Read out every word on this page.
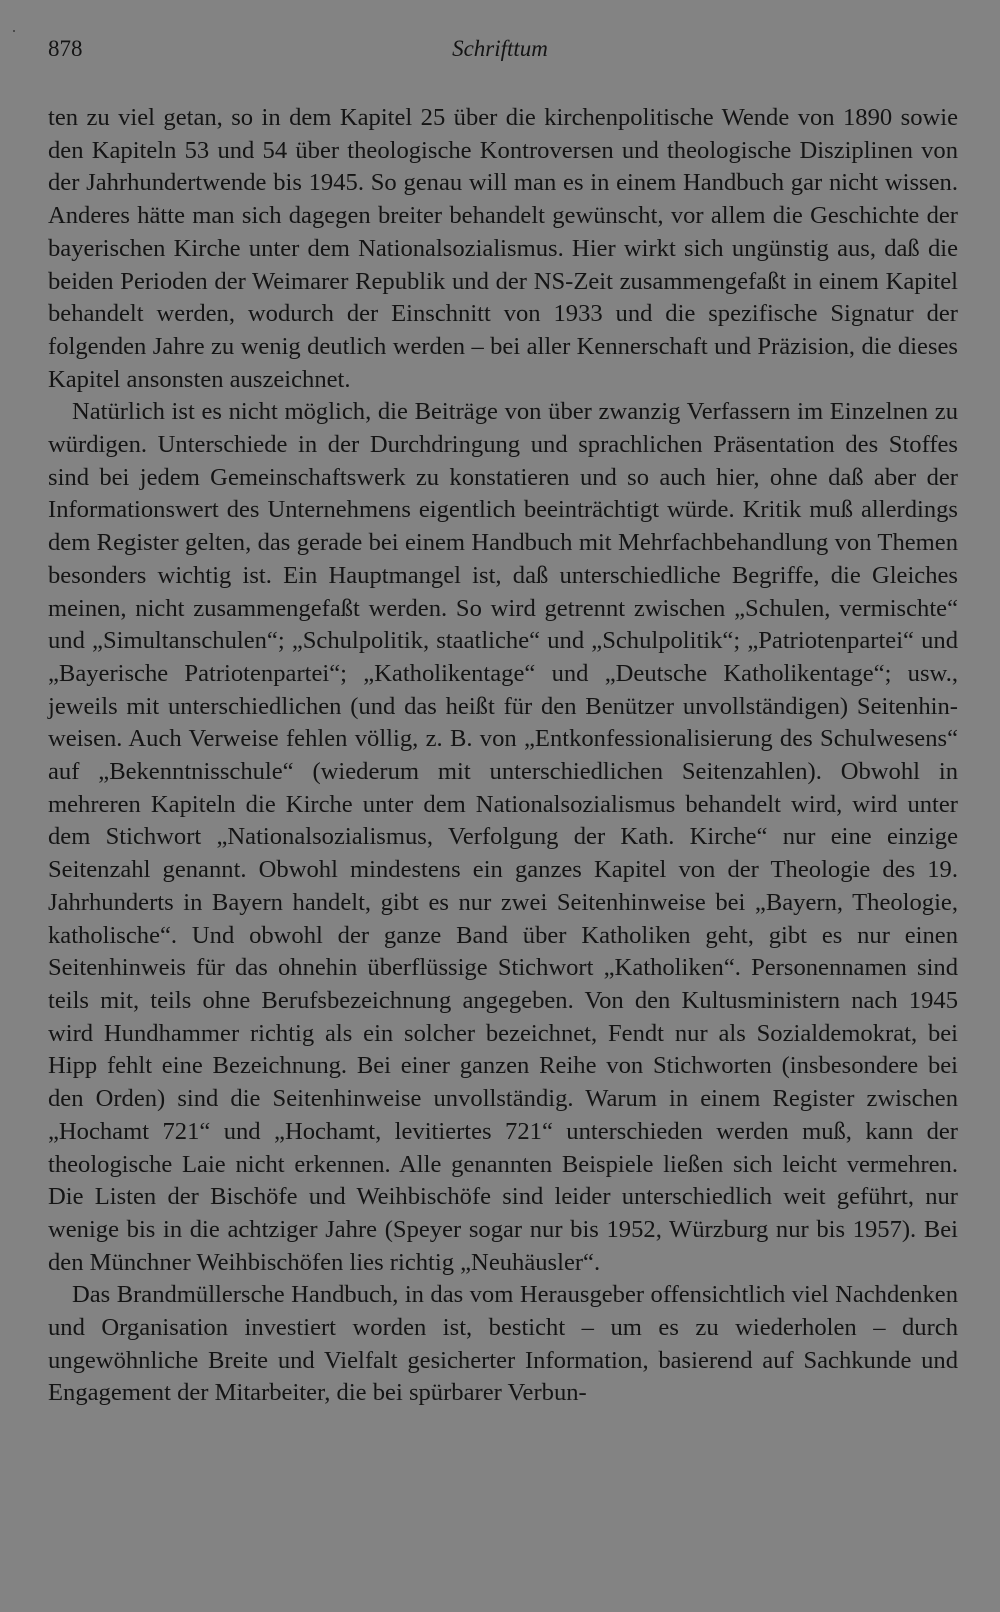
878	Schrifttum

ten zu viel getan, so in dem Kapitel 25 über die kirchenpolitische Wende von 1890 sowie den Kapiteln 53 und 54 über theologische Kontroversen und theologische Disziplinen von der Jahrhundertwende bis 1945. So genau will man es in einem Handbuch gar nicht wissen. Anderes hätte man sich dagegen breiter behandelt gewünscht, vor allem die Geschichte der bayerischen Kirche unter dem Nationalsozialismus. Hier wirkt sich ungünstig aus, daß die beiden Perioden der Weimarer Republik und der NS-Zeit zusammengefaßt in einem Kapitel behandelt werden, wodurch der Einschnitt von 1933 und die spezifische Signatur der folgenden Jahre zu wenig deutlich werden – bei aller Kennerschaft und Präzision, die dieses Kapitel ansonsten auszeichnet.

Natürlich ist es nicht möglich, die Beiträge von über zwanzig Verfassern im Einzelnen zu würdigen. Unterschiede in der Durchdringung und sprachlichen Präsentation des Stoffes sind bei jedem Gemeinschaftswerk zu konstatieren und so auch hier, ohne daß aber der Informationswert des Unternehmens eigentlich beeinträchtigt würde. Kritik muß allerdings dem Register gelten, das gerade bei einem Handbuch mit Mehrfachbehandlung von Themen besonders wichtig ist. Ein Hauptmangel ist, daß unterschiedliche Begriffe, die Gleiches meinen, nicht zusammengefaßt werden. So wird getrennt zwischen „Schulen, vermischte“ und „Simultanschulen“; „Schulpolitik, staatliche“ und „Schulpolitik“; „Patriotenpartei“ und „Bayerische Patriotenpartei“; „Katholikentage“ und „Deutsche Katholikentage“; usw., jeweils mit unterschiedlichen (und das heißt für den Benützer unvollständigen) Seitenhinweisen. Auch Verweise fehlen völlig, z. B. von „Entkonfessionalisierung des Schulwesens“ auf „Bekenntnisschule“ (wiederum mit unterschiedlichen Seitenzahlen). Obwohl in mehreren Kapiteln die Kirche unter dem Nationalsozialismus behandelt wird, wird unter dem Stichwort „Nationalsozialismus, Verfolgung der Kath. Kirche“ nur eine einzige Seitenzahl genannt. Obwohl mindestens ein ganzes Kapitel von der Theologie des 19. Jahrhunderts in Bayern handelt, gibt es nur zwei Seitenhinweise bei „Bayern, Theologie, katholische“. Und obwohl der ganze Band über Katholiken geht, gibt es nur einen Seitenhinweis für das ohnehin überflüssige Stichwort „Katholiken“. Personennamen sind teils mit, teils ohne Berufsbezeichnung angegeben. Von den Kultusministern nach 1945 wird Hundhammer richtig als ein solcher bezeichnet, Fendt nur als Sozialdemokrat, bei Hipp fehlt eine Bezeichnung. Bei einer ganzen Reihe von Stichworten (insbesondere bei den Orden) sind die Seitenhinweise unvollständig. Warum in einem Register zwischen „Hochamt 721“ und „Hochamt, levitiertes 721“ unterschieden werden muß, kann der theologische Laie nicht erkennen. Alle genannten Beispiele ließen sich leicht vermehren. Die Listen der Bischöfe und Weihbischöfe sind leider unterschiedlich weit geführt, nur wenige bis in die achtziger Jahre (Speyer sogar nur bis 1952, Würzburg nur bis 1957). Bei den Münchner Weihbischöfen lies richtig „Neuhäusler“.

Das Brandmüllersche Handbuch, in das vom Herausgeber offensichtlich viel Nachdenken und Organisation investiert worden ist, besticht – um es zu wiederholen – durch ungewöhnliche Breite und Vielfalt gesicherter Information, basierend auf Sachkunde und Engagement der Mitarbeiter, die bei spürbarer Verbun-
